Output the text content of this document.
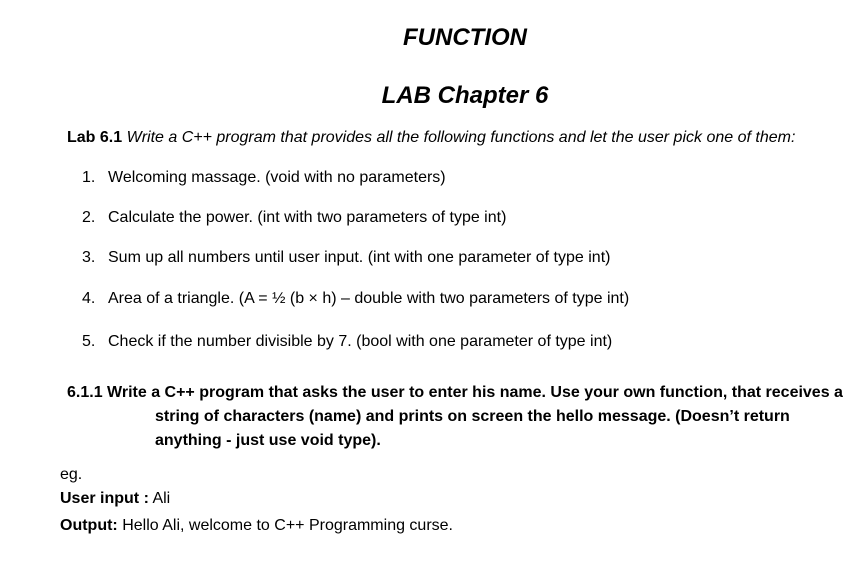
FUNCTION
LAB Chapter 6
Lab 6.1 Write a C++ program that provides all the following functions and let the user pick one of them:
1. Welcoming massage. (void with no parameters)
2. Calculate the power. (int with two parameters of type int)
3. Sum up all numbers until user input. (int with one parameter of type int)
4. Area of a triangle. (A = ½ (b × h) – double with two parameters of type int)
5. Check if the number divisible by 7. (bool with one parameter of type int)
6.1.1 Write a C++ program that asks the user to enter his name. Use your own function, that receives a
string of characters (name) and prints on screen the hello message. (Doesn’t return
anything - just use void type).
eg.
User input : Ali
Output: Hello Ali, welcome to C++ Programming curse.
